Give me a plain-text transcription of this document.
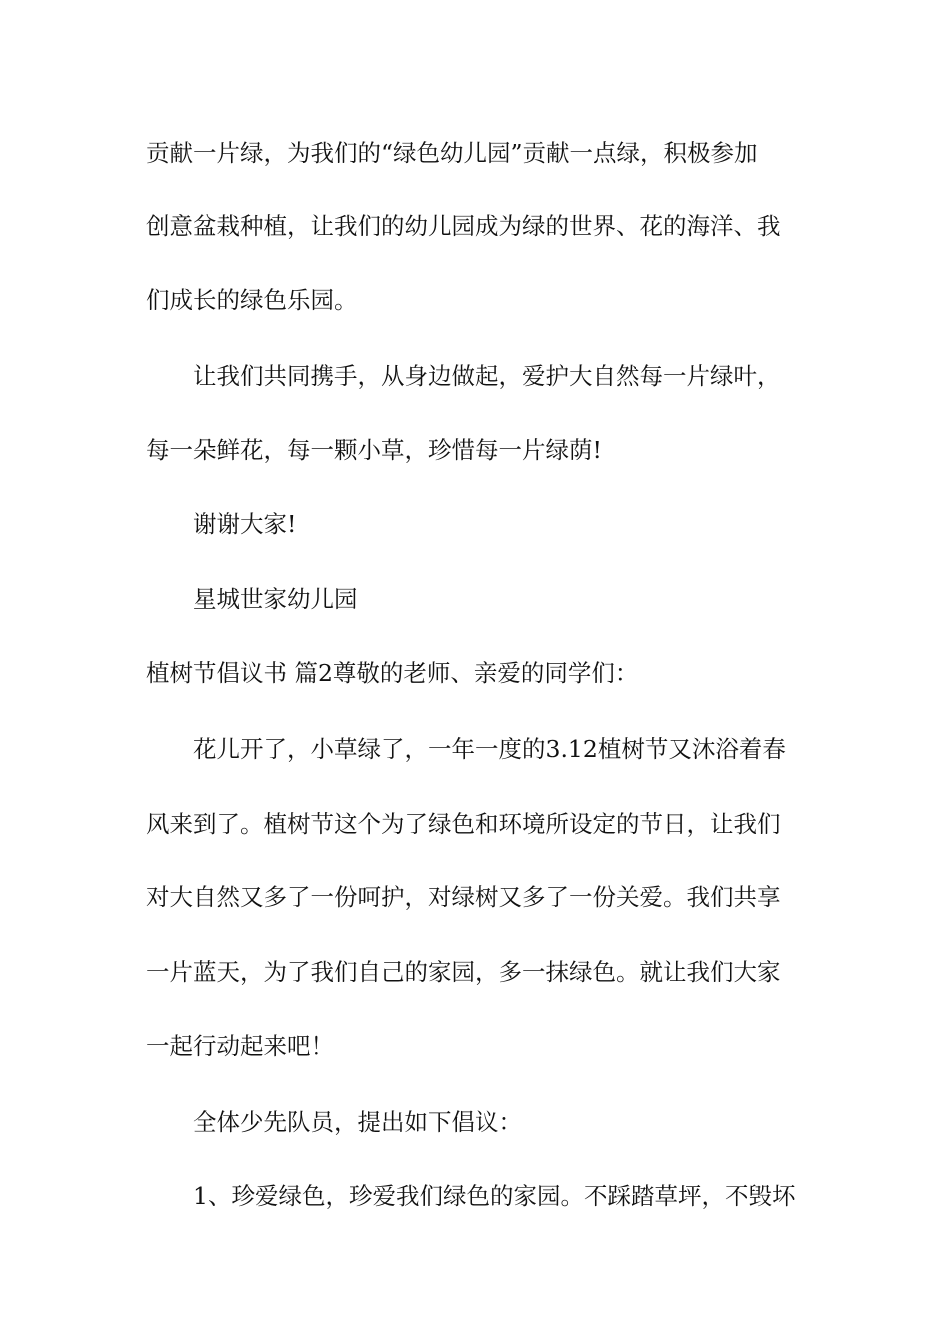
贡献一片绿，为我们的“绿色幼儿园”贡献一点绿，积极参加

创意盆栽种植，让我们的幼儿园成为绿的世界、花的海洋、我

们成长的绿色乐园。

让我们共同携手，从身边做起，爱护大自然每一片绿叶，

每一朵鲜花，每一颗小草，珍惜每一片绿荫!

谢谢大家!

星城世家幼儿园

植树节倡议书 篇2尊敬的老师、亲爱的同学们：

花儿开了，小草绿了，一年一度的3.12植树节又沐浴着春

风来到了。植树节这个为了绿色和环境所设定的节日，让我们

对大自然又多了一份呵护，对绿树又多了一份关爱。我们共享

一片蓝天，为了我们自己的家园，多一抹绿色。就让我们大家

一起行动起来吧！

全体少先队员，提出如下倡议：

1、珍爱绿色，珍爱我们绿色的家园。不踩踏草坪，不毁坏
